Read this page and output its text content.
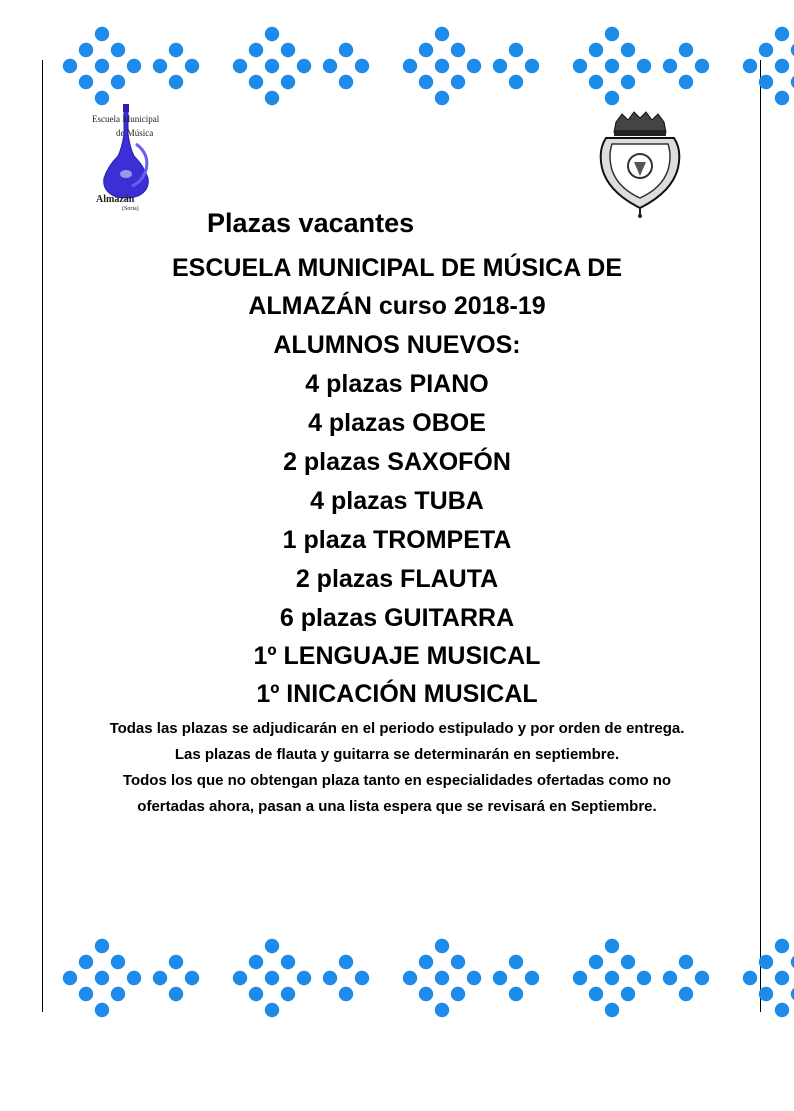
Escuela Municipal
de Música
Almazán
(Soria)	Plazas vacantes
ESCUELA MUNICIPAL DE MÚSICA DE
ALMAZÁN curso 2018-19
ALUMNOS NUEVOS:
4 plazas PIANO
4 plazas OBOE
2 plazas SAXOFÓN
4 plazas TUBA
1 plaza TROMPETA
2 plazas FLAUTA
6 plazas GUITARRA
1º LENGUAJE MUSICAL
1º INICACIÓN MUSICAL

Todas las plazas se adjudicarán en el periodo estipulado y por orden de entrega.

Las plazas de flauta y guitarra se determinarán en septiembre.

Todos los que no obtengan plaza tanto en especialidades ofertadas como no ofertadas ahora, pasan a una lista espera que se revisará en Septiembre.
